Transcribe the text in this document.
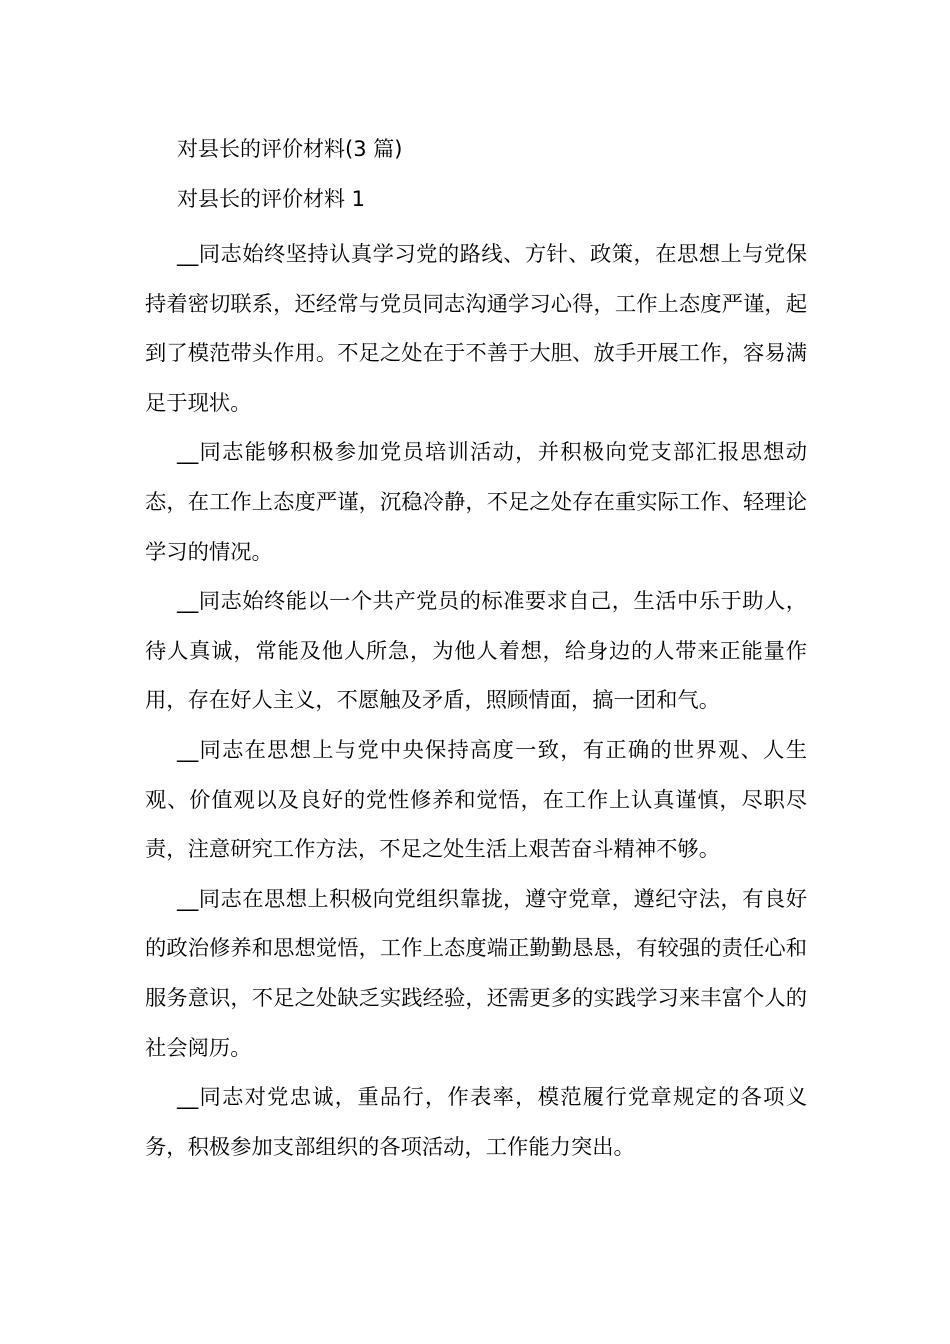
对县长的评价材料(3 篇)
对县长的评价材料 1

__同志始终坚持认真学习党的路线、方针、政策，在思想上与党保持着密切联系，还经常与党员同志沟通学习心得，工作上态度严谨，起到了模范带头作用。不足之处在于不善于大胆、放手开展工作，容易满足于现状。

__同志能够积极参加党员培训活动，并积极向党支部汇报思想动态，在工作上态度严谨，沉稳冷静，不足之处存在重实际工作、轻理论学习的情况。

__同志始终能以一个共产党员的标准要求自己，生活中乐于助人，待人真诚，常能及他人所急，为他人着想，给身边的人带来正能量作用，存在好人主义，不愿触及矛盾，照顾情面，搞一团和气。

__同志在思想上与党中央保持高度一致，有正确的世界观、人生观、价值观以及良好的党性修养和觉悟，在工作上认真谨慎，尽职尽责，注意研究工作方法，不足之处生活上艰苦奋斗精神不够。

__同志在思想上积极向党组织靠拢，遵守党章，遵纪守法，有良好的政治修养和思想觉悟，工作上态度端正勤勤恳恳，有较强的责任心和服务意识，不足之处缺乏实践经验，还需更多的实践学习来丰富个人的社会阅历。

__同志对党忠诚，重品行，作表率，模范履行党章规定的各项义务，积极参加支部组织的各项活动，工作能力突出。
